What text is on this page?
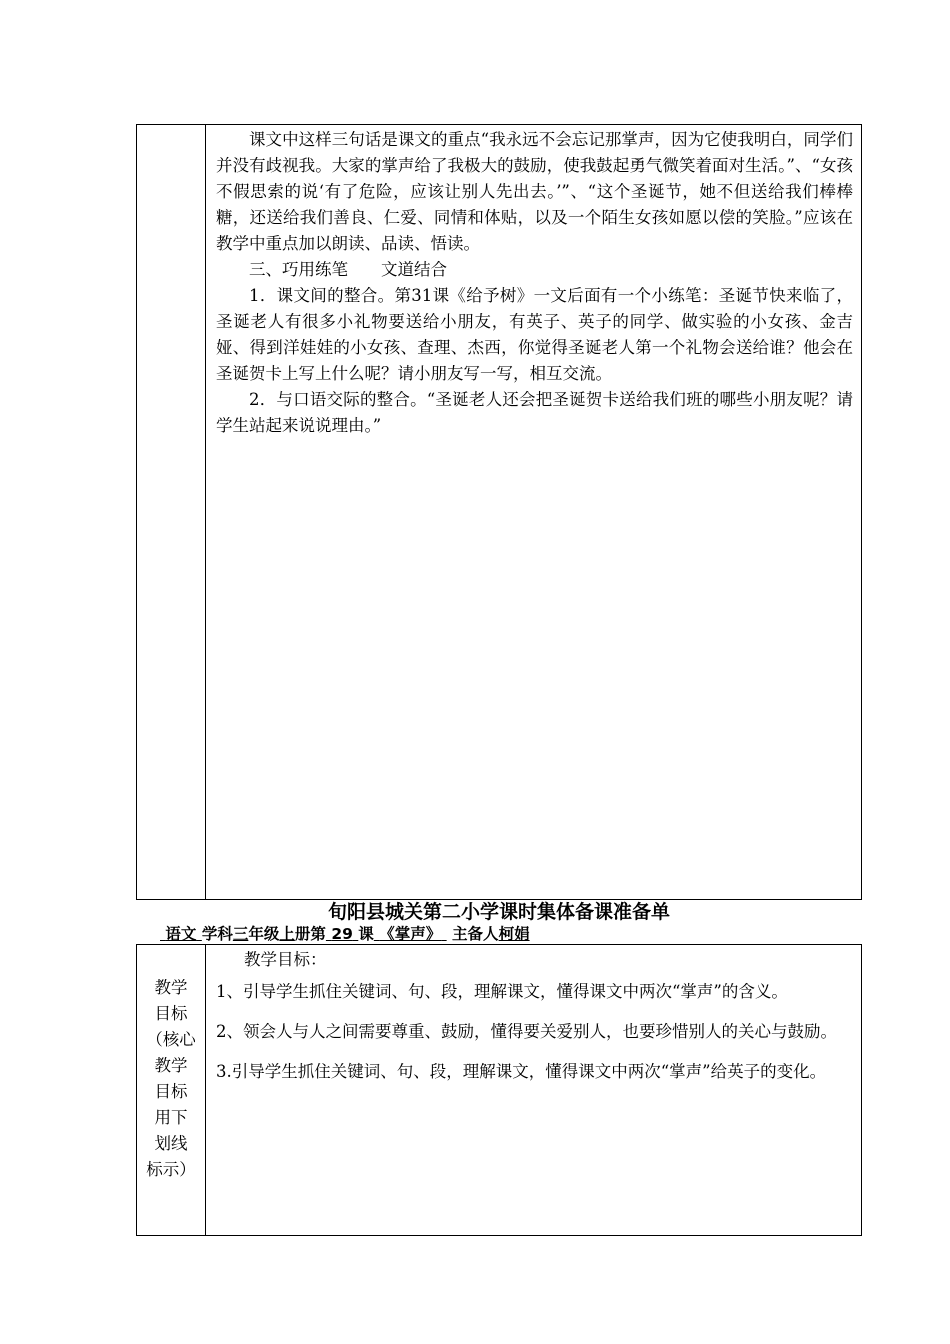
课文中这样三句话是课文的重点“我永远不会忘记那掌声，因为它使我明白，同学们并没有歧视我。大家的掌声给了我极大的鼓励，使我鼓起勇气微笑着面对生活。”、“女孩不假思索的说‘有了危险，应该让别人先出去。’”、“这个圣诞节，她不但送给我们棒棒糖，还送给我们善良、仁爱、同情和体贴，以及一个陌生女孩如愿以偿的笑脸。”应该在教学中重点加以朗读、品读、悟读。

三、巧用练笔　　文道结合

1．课文间的整合。第31课《给予树》一文后面有一个小练笔：圣诞节快来临了，圣诞老人有很多小礼物要送给小朋友，有英子、英子的同学、做实验的小女孩、金吉娅、得到洋娃娃的小女孩、查理、杰西，你觉得圣诞老人第一个礼物会送给谁？他会在圣诞贺卡上写上什么呢？请小朋友写一写，相互交流。

2．与口语交际的整合。“圣诞老人还会把圣诞贺卡送给我们班的哪些小朋友呢？请学生站起来说说理由。”

旬阳县城关第二小学课时集体备课准备单
语文 学科三年级上册第 29 课 《掌声》 主备人柯娟
教学
目标
（核心
教学
目标
用下
划线
标示）

教学目标：

1、引导学生抓住关键词、句、段，理解课文，懂得课文中两次“掌声”的含义。

2、领会人与人之间需要尊重、鼓励，懂得要关爱别人，也要珍惜别人的关心与鼓励。

3.引导学生抓住关键词、句、段，理解课文，懂得课文中两次“掌声”给英子的变化。
